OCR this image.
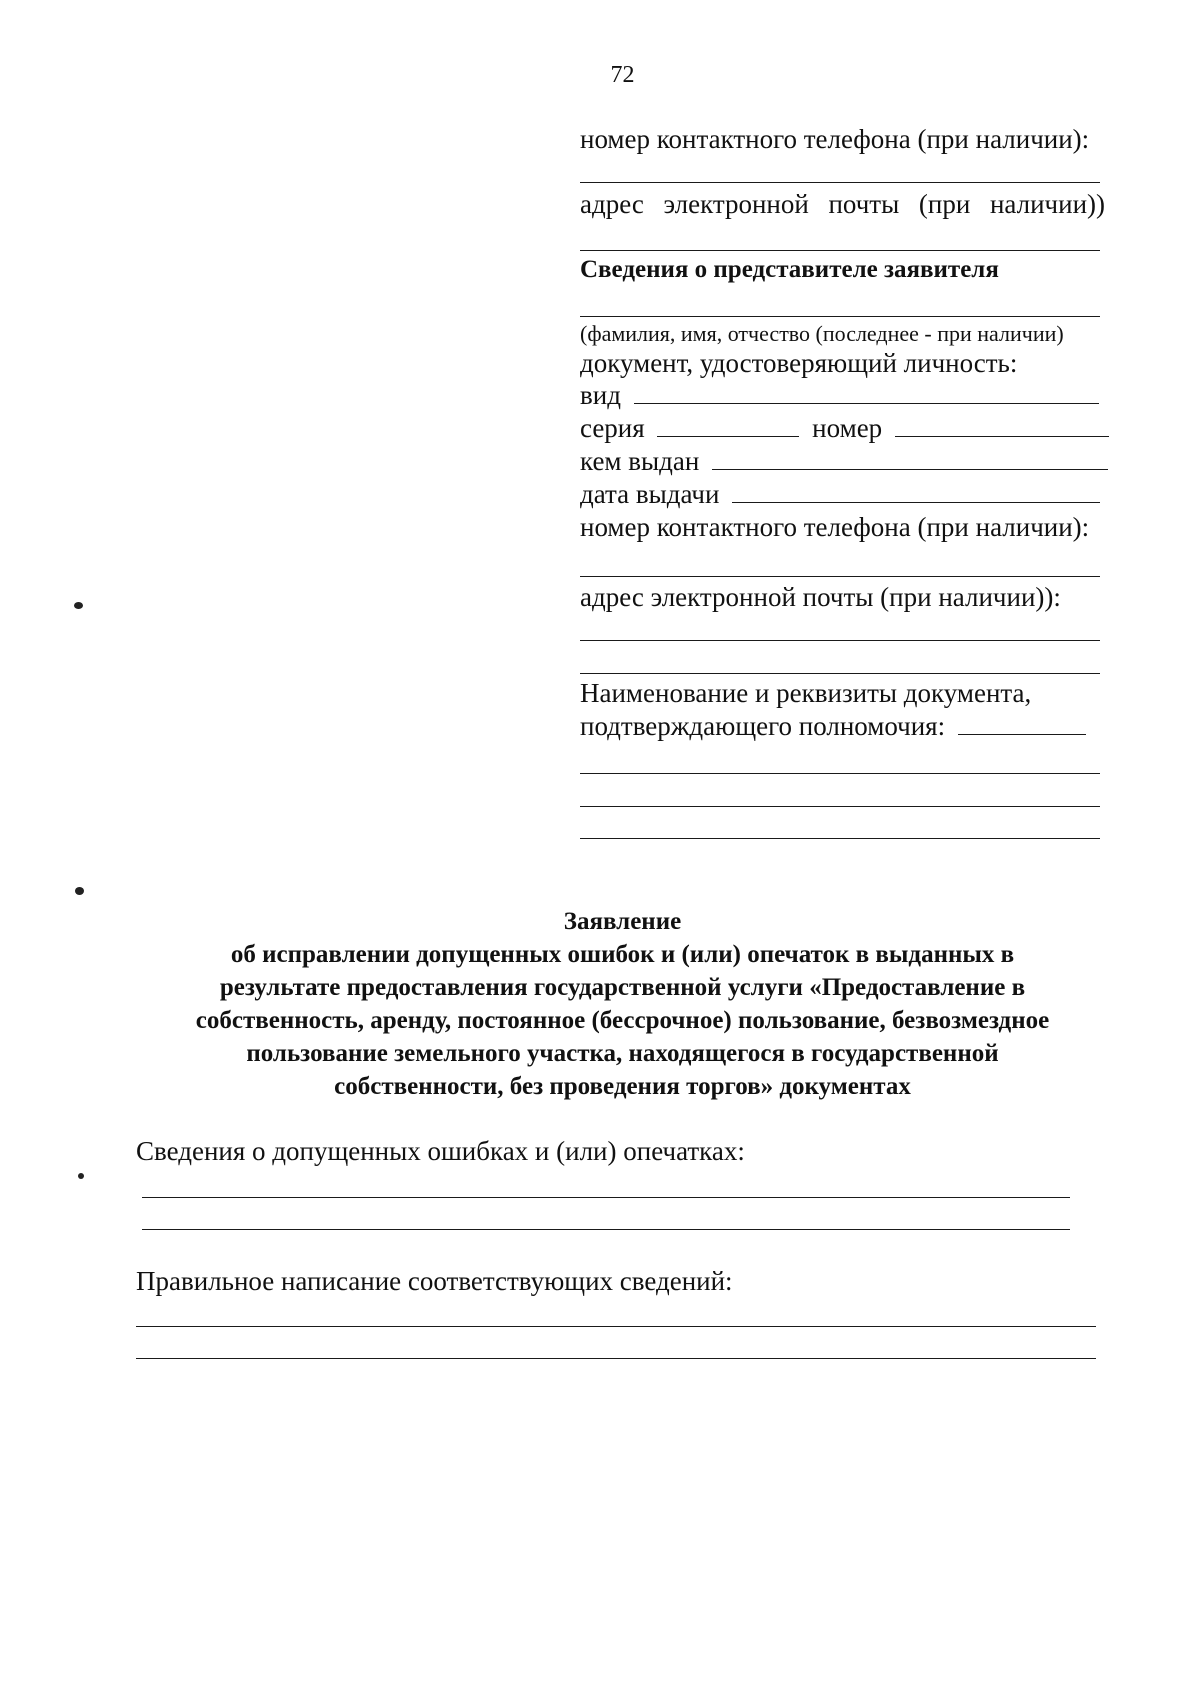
72
номер контактного телефона (при наличии):
адрес электронной почты (при наличии))
Сведения о представителе заявителя
(фамилия, имя, отчество (последнее - при наличии)
документ, удостоверяющий личность:
вид
серия	номер
кем выдан
дата выдачи
номер контактного телефона (при наличии):
адрес электронной почты (при наличии)):
Наименование и реквизиты документа,
подтверждающего полномочия:
Заявление
об исправлении допущенных ошибок и (или) опечаток в выданных в
результате предоставления государственной услуги «Предоставление в
собственность, аренду, постоянное (бессрочное) пользование, безвозмездное
пользование земельного участка, находящегося в государственной
собственности, без проведения торгов» документах
Сведения о допущенных ошибках и (или) опечатках:
Правильное написание соответствующих сведений:
